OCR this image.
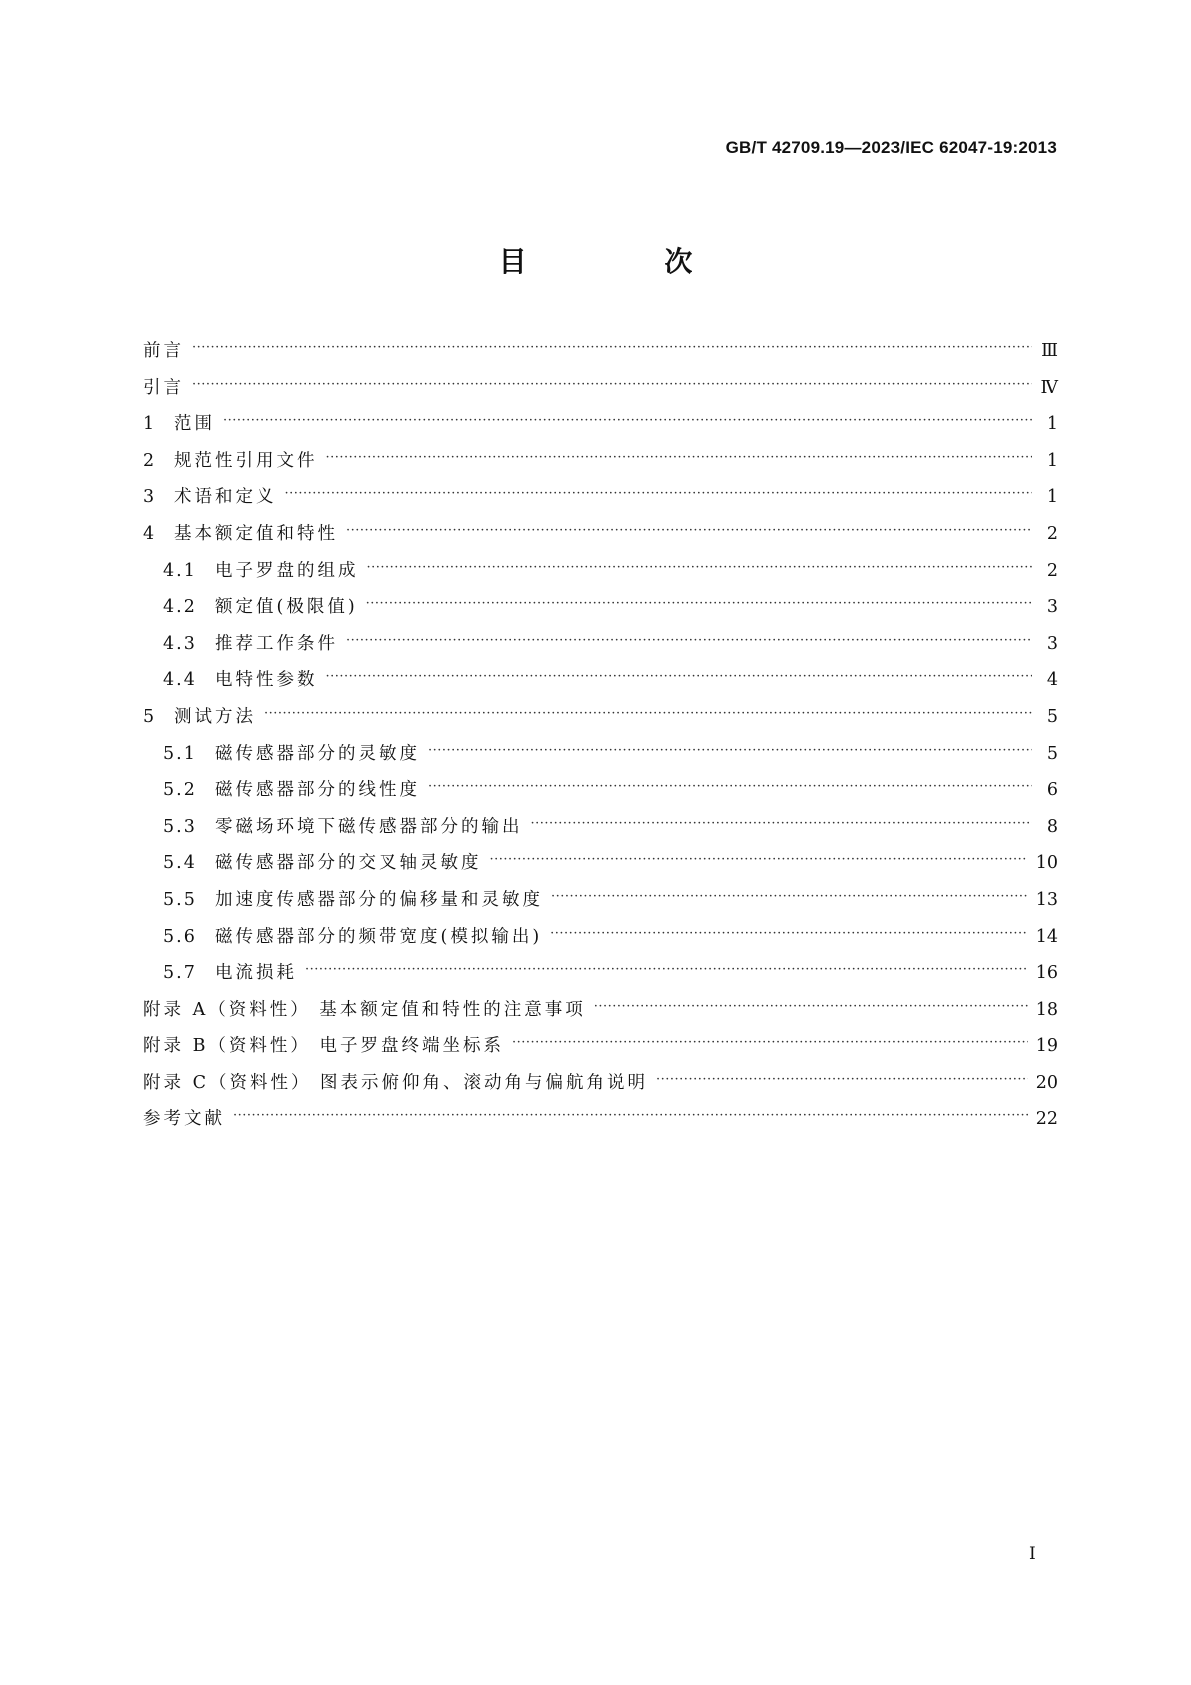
GB/T 42709.19—2023/IEC 62047-19:2013
目 次
前言 ·····	Ⅲ
引言 ·····	Ⅳ
1	范围 ·····	1
2	规范性引用文件 ·····	1
3	术语和定义 ·····	1
4	基本额定值和特性 ·····	2
4.1	电子罗盘的组成 ·····	2
4.2	额定值(极限值) ·····	3
4.3	推荐工作条件 ·····	3
4.4	电特性参数 ·····	4
5	测试方法 ·····	5
5.1	磁传感器部分的灵敏度 ·····	5
5.2	磁传感器部分的线性度 ·····	6
5.3	零磁场环境下磁传感器部分的输出 ·····	8
5.4	磁传感器部分的交叉轴灵敏度 ·····	10
5.5	加速度传感器部分的偏移量和灵敏度 ·····	13
5.6	磁传感器部分的频带宽度(模拟输出) ·····	14
5.7	电流损耗 ·····	16
附录 A（资料性） 基本额定值和特性的注意事项 ·····	18
附录 B（资料性） 电子罗盘终端坐标系 ·····	19
附录 C（资料性） 图表示俯仰角、滚动角与偏航角说明 ·····	20
参考文献 ·····	22
I
